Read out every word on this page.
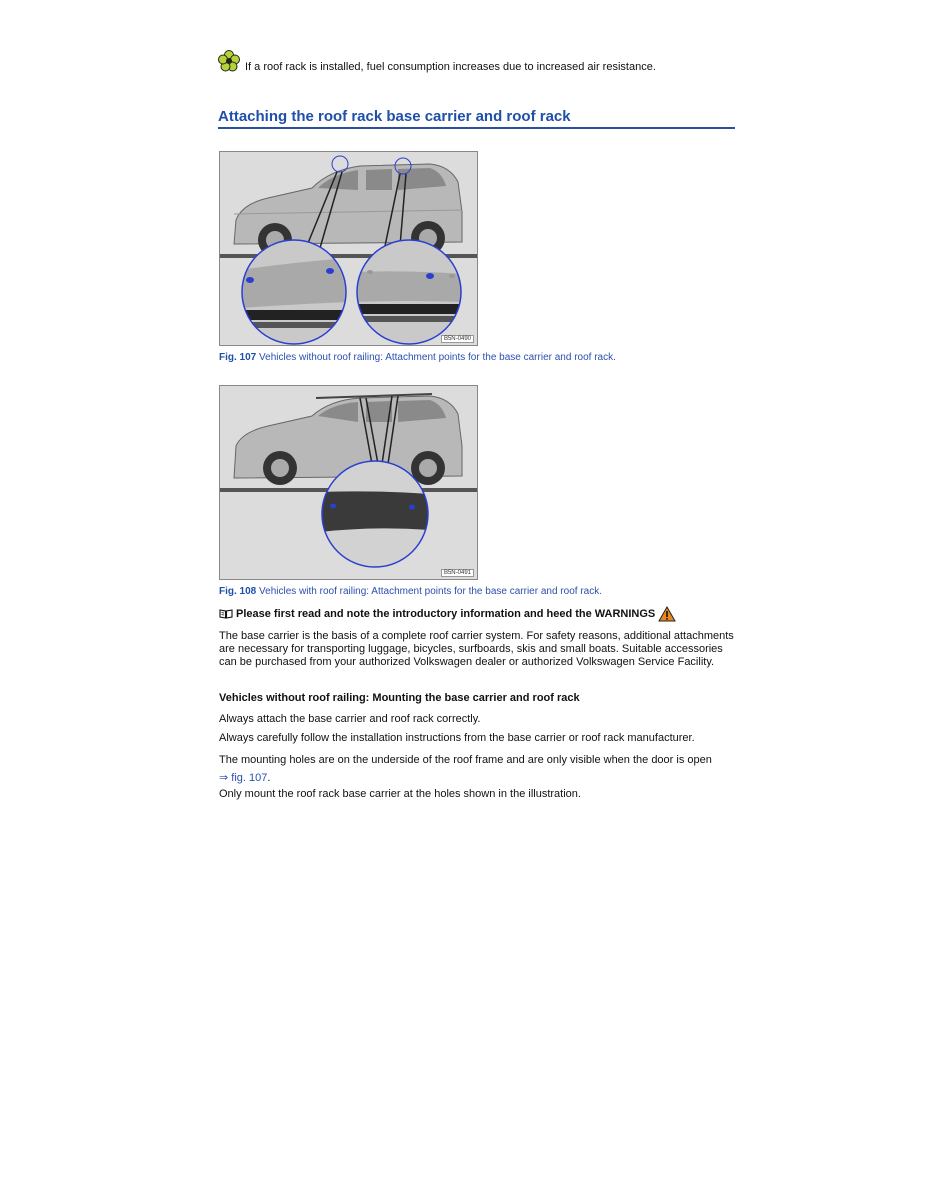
If a roof rack is installed, fuel consumption increases due to increased air resistance.
Attaching the roof rack base carrier and roof rack
B5N-0490
Fig. 107 Vehicles without roof railing: Attachment points for the base carrier and roof rack.
B5N-0491
Fig. 108 Vehicles with roof railing: Attachment points for the base carrier and roof rack.
Please first read and note the introductory information and heed the WARNINGS
The base carrier is the basis of a complete roof carrier system. For safety reasons, additional attachments are necessary for transporting luggage, bicycles, surfboards, skis and small boats. Suitable accessories can be purchased from your authorized Volkswagen dealer or authorized Volkswagen Service Facility.
Vehicles without roof railing: Mounting the base carrier and roof rack
Always attach the base carrier and roof rack correctly.
Always carefully follow the installation instructions from the base carrier or roof rack manufacturer.
The mounting holes are on the underside of the roof frame and are only visible when the door is open
⇒ fig. 107.
Only mount the roof rack base carrier at the holes shown in the illustration.
